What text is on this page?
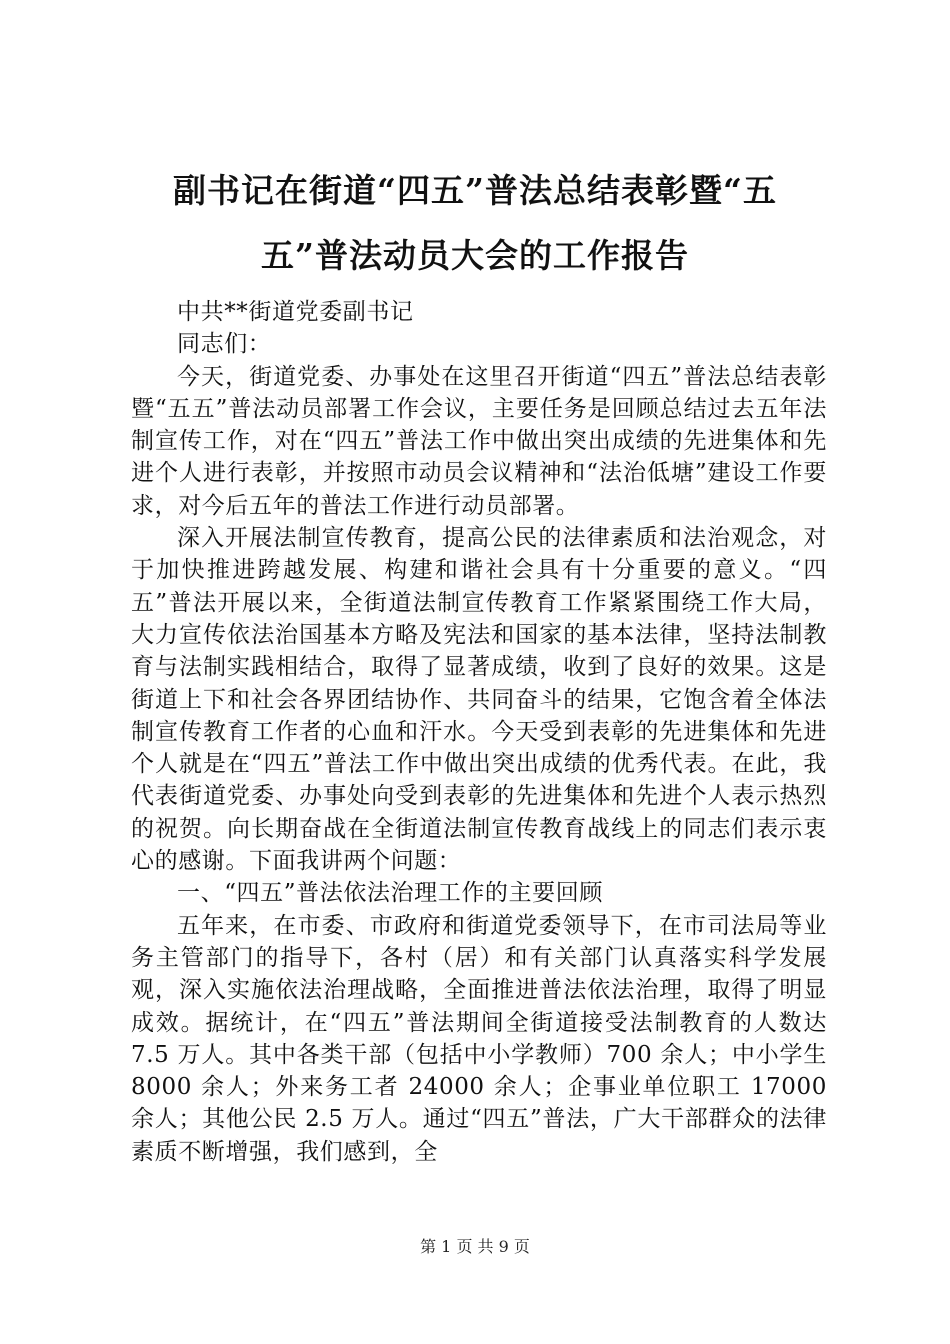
副书记在街道“四五”普法总结表彰暨“五
五”普法动员大会的工作报告

中共**街道党委副书记

同志们：

今天，街道党委、办事处在这里召开街道“四五”普法总结表彰暨“五五”普法动员部署工作会议，主要任务是回顾总结过去五年法制宣传工作，对在“四五”普法工作中做出突出成绩的先进集体和先进个人进行表彰，并按照市动员会议精神和“法治低塘”建设工作要求，对今后五年的普法工作进行动员部署。

深入开展法制宣传教育，提高公民的法律素质和法治观念，对于加快推进跨越发展、构建和谐社会具有十分重要的意义。“四五”普法开展以来，全街道法制宣传教育工作紧紧围绕工作大局，大力宣传依法治国基本方略及宪法和国家的基本法律，坚持法制教育与法制实践相结合，取得了显著成绩，收到了良好的效果。这是街道上下和社会各界团结协作、共同奋斗的结果，它饱含着全体法制宣传教育工作者的心血和汗水。今天受到表彰的先进集体和先进个人就是在“四五”普法工作中做出突出成绩的优秀代表。在此，我代表街道党委、办事处向受到表彰的先进集体和先进个人表示热烈的祝贺。向长期奋战在全街道法制宣传教育战线上的同志们表示衷心的感谢。下面我讲两个问题：

一、“四五”普法依法治理工作的主要回顾

五年来，在市委、市政府和街道党委领导下，在市司法局等业务主管部门的指导下，各村（居）和有关部门认真落实科学发展观，深入实施依法治理战略，全面推进普法依法治理，取得了明显成效。据统计，在“四五”普法期间全街道接受法制教育的人数达 7.5 万人。其中各类干部（包括中小学教师）700 余人；中小学生 8000 余人；外来务工者 24000 余人；企事业单位职工 17000 余人；其他公民 2.5 万人。通过“四五”普法，广大干部群众的法律素质不断增强，我们感到，全

第 1 页 共 9 页
